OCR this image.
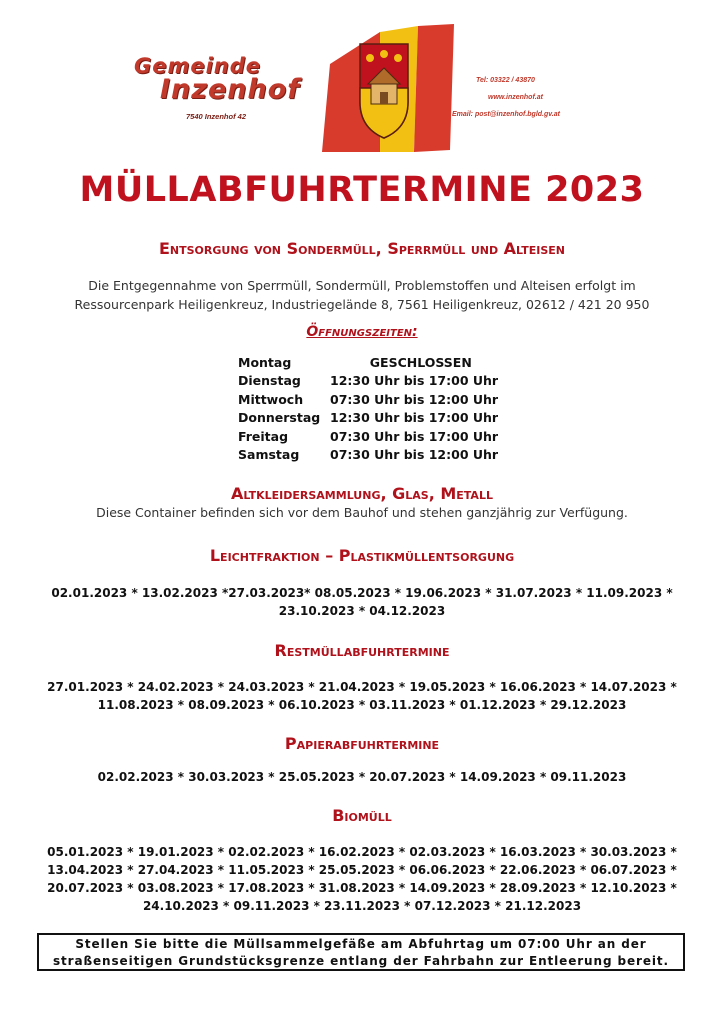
Gemeinde
Inzenhof
7540 Inzenhof 42
Tel: 03322 / 43870
www.inzenhof.at
Email: post@inzenhof.bgld.gv.at
MÜLLABFUHRTERMINE 2023
Entsorgung von Sondermüll, Sperrmüll und Alteisen
Die Entgegennahme von Sperrmüll, Sondermüll, Problemstoffen und Alteisen erfolgt im
Ressourcenpark Heiligenkreuz, Industriegelände 8, 7561 Heiligenkreuz, 02612 / 421 20 950
Öffnungszeiten:
Montag	GESCHLOSSEN
Dienstag	12:30 Uhr bis 17:00 Uhr
Mittwoch	07:30 Uhr bis 12:00 Uhr
Donnerstag 12:30 Uhr bis 17:00 Uhr
Freitag	07:30 Uhr bis 17:00 Uhr
Samstag	07:30 Uhr bis 12:00 Uhr
Altkleidersammlung, Glas, Metall
Diese Container befinden sich vor dem Bauhof und stehen ganzjährig zur Verfügung.
Leichtfraktion – Plastikmüllentsorgung
02.01.2023 * 13.02.2023 *27.03.2023* 08.05.2023 * 19.06.2023 * 31.07.2023 * 11.09.2023 *
23.10.2023 * 04.12.2023
Restmüllabfuhrtermine
27.01.2023 * 24.02.2023 * 24.03.2023 * 21.04.2023 * 19.05.2023 * 16.06.2023 * 14.07.2023 *
11.08.2023 * 08.09.2023 * 06.10.2023 * 03.11.2023 * 01.12.2023 * 29.12.2023
Papierabfuhrtermine
02.02.2023 * 30.03.2023 * 25.05.2023 * 20.07.2023 * 14.09.2023 * 09.11.2023
Biomüll
05.01.2023 * 19.01.2023 * 02.02.2023 * 16.02.2023 * 02.03.2023 * 16.03.2023 * 30.03.2023 *
13.04.2023 * 27.04.2023 * 11.05.2023 * 25.05.2023 * 06.06.2023 * 22.06.2023 * 06.07.2023 *
20.07.2023 * 03.08.2023 * 17.08.2023 * 31.08.2023 * 14.09.2023 * 28.09.2023 * 12.10.2023 *
24.10.2023 * 09.11.2023 * 23.11.2023 * 07.12.2023 * 21.12.2023
Stellen Sie bitte die Müllsammelgefäße am Abfuhrtag um 07:00 Uhr an der
straßenseitigen Grundstücksgrenze entlang der Fahrbahn zur Entleerung bereit.
